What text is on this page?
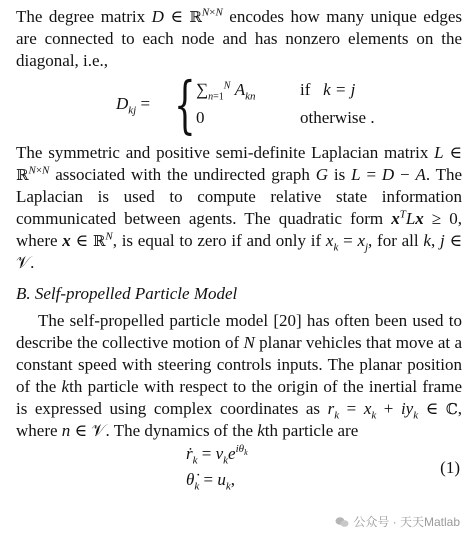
The degree matrix D ∈ ℝ$^{N\times N}$ encodes how many unique edges are connected to each node and has nonzero elements on the diagonal, i.e.,

$D_{kj}$ = { $\sum_{n=1}^N$ $A_{kn}$
0
if k = j
otherwise .

The symmetric and positive semi-definite Laplacian matrix L ∈ ℝ$^{N\times N}$ associated with the undirected graph G is L = D − A. The Laplacian is used to compute relative state information communicated between agents. The quadratic form $x^TLx \ge 0$, where x ∈ ℝ$^N$, is equal to zero if and only if $x_k = x_j$, for all k, j ∈ 𝒱.

B. Self-propelled Particle Model

The self-propelled particle model [20] has often been used to describe the collective motion of N planar vehicles that move at a constant speed with steering controls inputs. The planar position of the kth particle with respect to the origin of the inertial frame is expressed using complex coordinates as $r_k = x_k + iy_k$ ∈ ℂ, where n ∈ 𝒱. The dynamics of the kth particle are

ṙ$_k$ = $v_ke^{i\theta_k}$
$\thetȧ_k = u_k$,
(1)
公众号 · 天天Matlab
